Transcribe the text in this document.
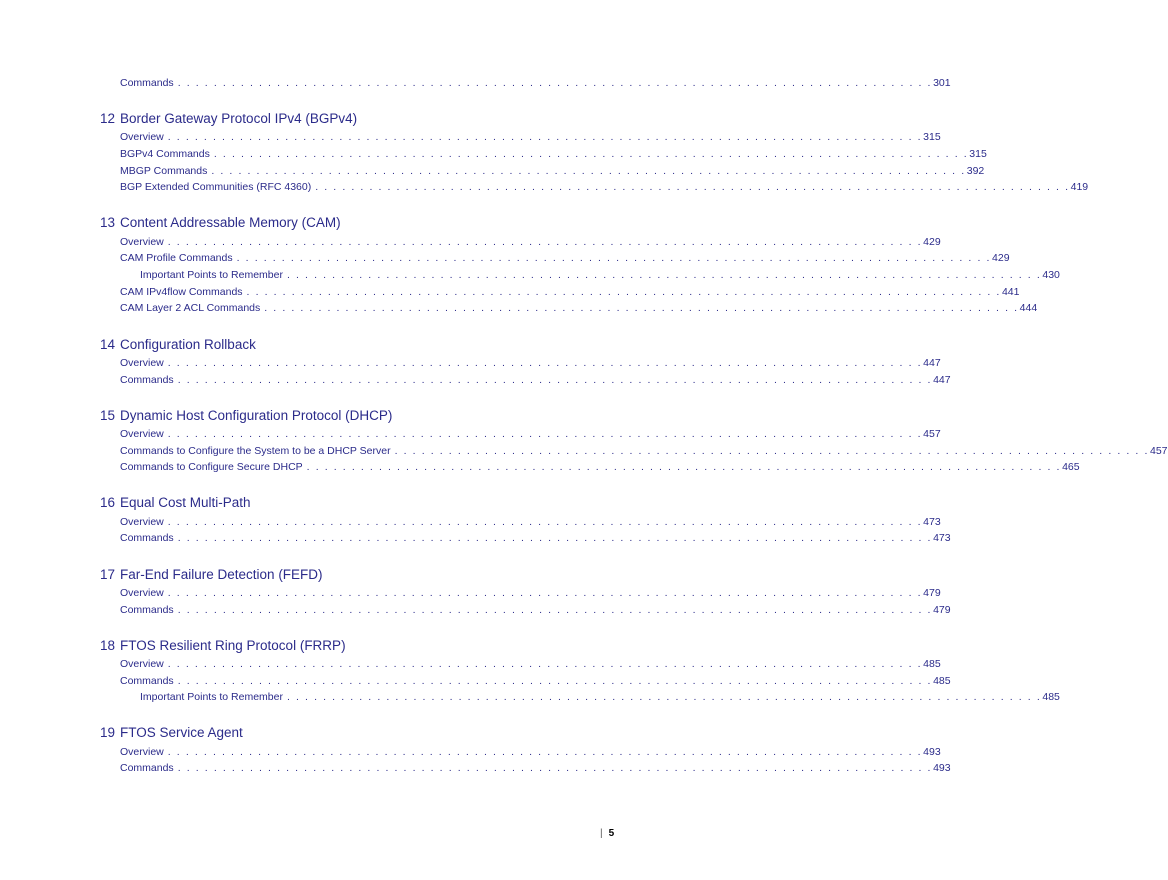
Commands . . . . . . . . . . . . . . . . . . . . . . . . . . . . . . . . . . . . . . . . . . . . . . . . . . . . . . . . . . . . . . . . . . . . . . . . . . . . . . . . . . . . 301
12 Border Gateway Protocol IPv4 (BGPv4)
Overview . . . . . . . . . . . . . . . . . . . . . . . . . . . . . . . . . . . . . . . . . . . . . . . . . . . . . . . . . . . . . . . . . . . . . . . . . . . . . . . . . . . . 315
BGPv4 Commands . . . . . . . . . . . . . . . . . . . . . . . . . . . . . . . . . . . . . . . . . . . . . . . . . . . . . . . . . . . . . . . . . . . . . . . . . . . . . . . . . . . . 315
MBGP Commands . . . . . . . . . . . . . . . . . . . . . . . . . . . . . . . . . . . . . . . . . . . . . . . . . . . . . . . . . . . . . . . . . . . . . . . . . . . . . . . . . . . . 392
BGP Extended Communities (RFC 4360) . . . . . . . . . . . . . . . . . . . . . . . . . . . . . . . . . . . . . . . . . . . . . . . . . . . . . . . . . . . . . . . . . . . . . . . . . . . . . . . . . . . . 419
13 Content Addressable Memory (CAM)
Overview . . . . . . . . . . . . . . . . . . . . . . . . . . . . . . . . . . . . . . . . . . . . . . . . . . . . . . . . . . . . . . . . . . . . . . . . . . . . . . . . . . . . 429
CAM Profile Commands . . . . . . . . . . . . . . . . . . . . . . . . . . . . . . . . . . . . . . . . . . . . . . . . . . . . . . . . . . . . . . . . . . . . . . . . . . . . . . . . . . . . 429
Important Points to Remember . . . . . . . . . . . . . . . . . . . . . . . . . . . . . . . . . . . . . . . . . . . . . . . . . . . . . . . . . . . . . . . . . . . . . . . . . . . . . . . . . . . . 430
CAM IPv4flow Commands . . . . . . . . . . . . . . . . . . . . . . . . . . . . . . . . . . . . . . . . . . . . . . . . . . . . . . . . . . . . . . . . . . . . . . . . . . . . . . . . . . . . 441
CAM Layer 2 ACL Commands . . . . . . . . . . . . . . . . . . . . . . . . . . . . . . . . . . . . . . . . . . . . . . . . . . . . . . . . . . . . . . . . . . . . . . . . . . . . . . . . . . . . 444
14 Configuration Rollback
Overview . . . . . . . . . . . . . . . . . . . . . . . . . . . . . . . . . . . . . . . . . . . . . . . . . . . . . . . . . . . . . . . . . . . . . . . . . . . . . . . . . . . . 447
Commands . . . . . . . . . . . . . . . . . . . . . . . . . . . . . . . . . . . . . . . . . . . . . . . . . . . . . . . . . . . . . . . . . . . . . . . . . . . . . . . . . . . . 447
15 Dynamic Host Configuration Protocol (DHCP)
Overview . . . . . . . . . . . . . . . . . . . . . . . . . . . . . . . . . . . . . . . . . . . . . . . . . . . . . . . . . . . . . . . . . . . . . . . . . . . . . . . . . . . . 457
Commands to Configure the System to be a DHCP Server . . . . . . . . . . . . . . . . . . . . . . . . . . . . . . . . . . . . . . . . . . . . . . . . . . . . . . . . . . . . . . . . . . . . . . . . . . . . . . . . . . . . 457
Commands to Configure Secure DHCP . . . . . . . . . . . . . . . . . . . . . . . . . . . . . . . . . . . . . . . . . . . . . . . . . . . . . . . . . . . . . . . . . . . . . . . . . . . . . . . . . . . . 465
16 Equal Cost Multi-Path
Overview . . . . . . . . . . . . . . . . . . . . . . . . . . . . . . . . . . . . . . . . . . . . . . . . . . . . . . . . . . . . . . . . . . . . . . . . . . . . . . . . . . . . 473
Commands . . . . . . . . . . . . . . . . . . . . . . . . . . . . . . . . . . . . . . . . . . . . . . . . . . . . . . . . . . . . . . . . . . . . . . . . . . . . . . . . . . . . 473
17 Far-End Failure Detection (FEFD)
Overview . . . . . . . . . . . . . . . . . . . . . . . . . . . . . . . . . . . . . . . . . . . . . . . . . . . . . . . . . . . . . . . . . . . . . . . . . . . . . . . . . . . . 479
Commands . . . . . . . . . . . . . . . . . . . . . . . . . . . . . . . . . . . . . . . . . . . . . . . . . . . . . . . . . . . . . . . . . . . . . . . . . . . . . . . . . . . . 479
18 FTOS Resilient Ring Protocol (FRRP)
Overview . . . . . . . . . . . . . . . . . . . . . . . . . . . . . . . . . . . . . . . . . . . . . . . . . . . . . . . . . . . . . . . . . . . . . . . . . . . . . . . . . . . . 485
Commands . . . . . . . . . . . . . . . . . . . . . . . . . . . . . . . . . . . . . . . . . . . . . . . . . . . . . . . . . . . . . . . . . . . . . . . . . . . . . . . . . . . . 485
Important Points to Remember . . . . . . . . . . . . . . . . . . . . . . . . . . . . . . . . . . . . . . . . . . . . . . . . . . . . . . . . . . . . . . . . . . . . . . . . . . . . . . . . . . . . 485
19 FTOS Service Agent
Overview . . . . . . . . . . . . . . . . . . . . . . . . . . . . . . . . . . . . . . . . . . . . . . . . . . . . . . . . . . . . . . . . . . . . . . . . . . . . . . . . . . . . 493
Commands . . . . . . . . . . . . . . . . . . . . . . . . . . . . . . . . . . . . . . . . . . . . . . . . . . . . . . . . . . . . . . . . . . . . . . . . . . . . . . . . . . . . 493
| 5
